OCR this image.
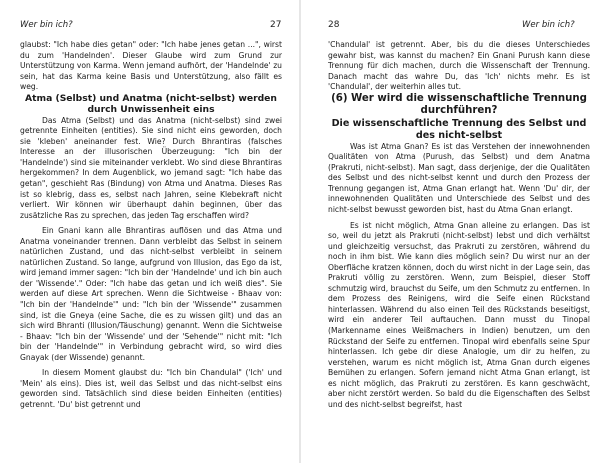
Wer bin ich?	27

glaubst: "Ich habe dies getan" oder: "Ich habe jenes getan ...", wirst du zum 'Handelnden'. Dieser Glaube wird zum Grund zur Unterstützung von Karma. Wenn jemand aufhört, der 'Handelnde' zu sein, hat das Karma keine Basis und Unterstützung, also fällt es weg.

Atma (Selbst) und Anatma (nicht-selbst) werden durch Unwissenheit eins

Das Atma (Selbst) und das Anatma (nicht-selbst) sind zwei getrennte Einheiten (entities). Sie sind nicht eins geworden, doch sie 'kleben' aneinander fest. Wie? Durch Bhrantiras (falsches Interesse an der illusorischen Überzeugung: "Ich bin der 'Handelnde') sind sie miteinander verklebt. Wo sind diese Bhrantiras hergekommen? In dem Augenblick, wo jemand sagt: "Ich habe das getan", geschieht Ras (Bindung) von Atma und Anatma. Dieses Ras ist so klebrig, dass es, selbst nach Jahren, seine Klebekraft nicht verliert. Wir können wir überhaupt dahin beginnen, über das zusätzliche Ras zu sprechen, das jeden Tag erschaffen wird?

Ein Gnani kann alle Bhrantiras auflösen und das Atma und Anatma voneinander trennen. Dann verbleibt das Selbst in seinem natürlichen Zustand, und das nicht-selbst verbleibt in seinem natürlichen Zustand. So lange, aufgrund von Illusion, das Ego da ist, wird jemand immer sagen: "Ich bin der 'Handelnde' und ich bin auch der 'Wissende'." Oder: "Ich habe das getan und ich weiß dies". Sie werden auf diese Art sprechen. Wenn die Sichtweise - Bhaav von: "Ich bin der 'Handelnde'" und: "Ich bin der 'Wissende'" zusammen sind, ist die Gneya (eine Sache, die es zu wissen gilt) und das an sich wird Bhranti (Illusion/Täuschung) genannt. Wenn die Sichtweise - Bhaav: "Ich bin der 'Wissende' und der 'Sehende'" nicht mit: "Ich bin der 'Handelnde'" in Verbindung gebracht wird, so wird dies Gnayak (der Wissende) genannt.

In diesem Moment glaubst du: "Ich bin Chandulal" ('Ich' und 'Mein' als eins). Dies ist, weil das Selbst und das nicht-selbst eins geworden sind. Tatsächlich sind diese beiden Einheiten (entities) getrennt. 'Du' bist getrennt und

28	Wer bin ich?

'Chandulal' ist getrennt. Aber, bis du die dieses Unterschiedes gewahr bist, was kannst du machen? Ein Gnani Purush kann diese Trennung für dich machen, durch die Wissenschaft der Trennung. Danach macht das wahre Du, das 'Ich' nichts mehr. Es ist 'Chandulal', der weiterhin alles tut.

(6) Wer wird die wissenschaftliche Trennung durchführen?

Die wissenschaftliche Trennung des Selbst und des nicht-selbst

Was ist Atma Gnan? Es ist das Verstehen der innewohnenden Qualitäten von Atma (Purush, das Selbst) und dem Anatma (Prakruti, nicht-selbst). Man sagt, dass derjenige, der die Qualitäten des Selbst und des nicht-selbst kennt und durch den Prozess der Trennung gegangen ist, Atma Gnan erlangt hat. Wenn 'Du' dir, der innewohnenden Qualitäten und Unterschiede des Selbst und des nicht-selbst bewusst geworden bist, hast du Atma Gnan erlangt.

Es ist nicht möglich, Atma Gnan alleine zu erlangen. Das ist so, weil du jetzt als Prakruti (nicht-selbst) lebst und dich verhältst und gleichzeitig versuchst, das Prakruti zu zerstören, während du noch in ihm bist. Wie kann dies möglich sein? Du wirst nur an der Oberfläche kratzen können, doch du wirst nicht in der Lage sein, das Prakruti völlig zu zerstören. Wenn, zum Beispiel, dieser Stoff schmutzig wird, brauchst du Seife, um den Schmutz zu entfernen. In dem Prozess des Reinigens, wird die Seife einen Rückstand hinterlassen. Während du also einen Teil des Rückstands beseitigst, wird ein anderer Teil auftauchen. Dann musst du Tinopal (Markenname eines Weißmachers in Indien) benutzen, um den Rückstand der Seife zu entfernen. Tinopal wird ebenfalls seine Spur hinterlassen. Ich gebe dir diese Analogie, um dir zu helfen, zu verstehen, warum es nicht möglich ist, Atma Gnan durch eigenes Bemühen zu erlangen. Sofern jemand nicht Atma Gnan erlangt, ist es nicht möglich, das Prakruti zu zerstören. Es kann geschwächt, aber nicht zerstört werden. So bald du die Eigenschaften des Selbst und des nicht-selbst begreifst, hast
